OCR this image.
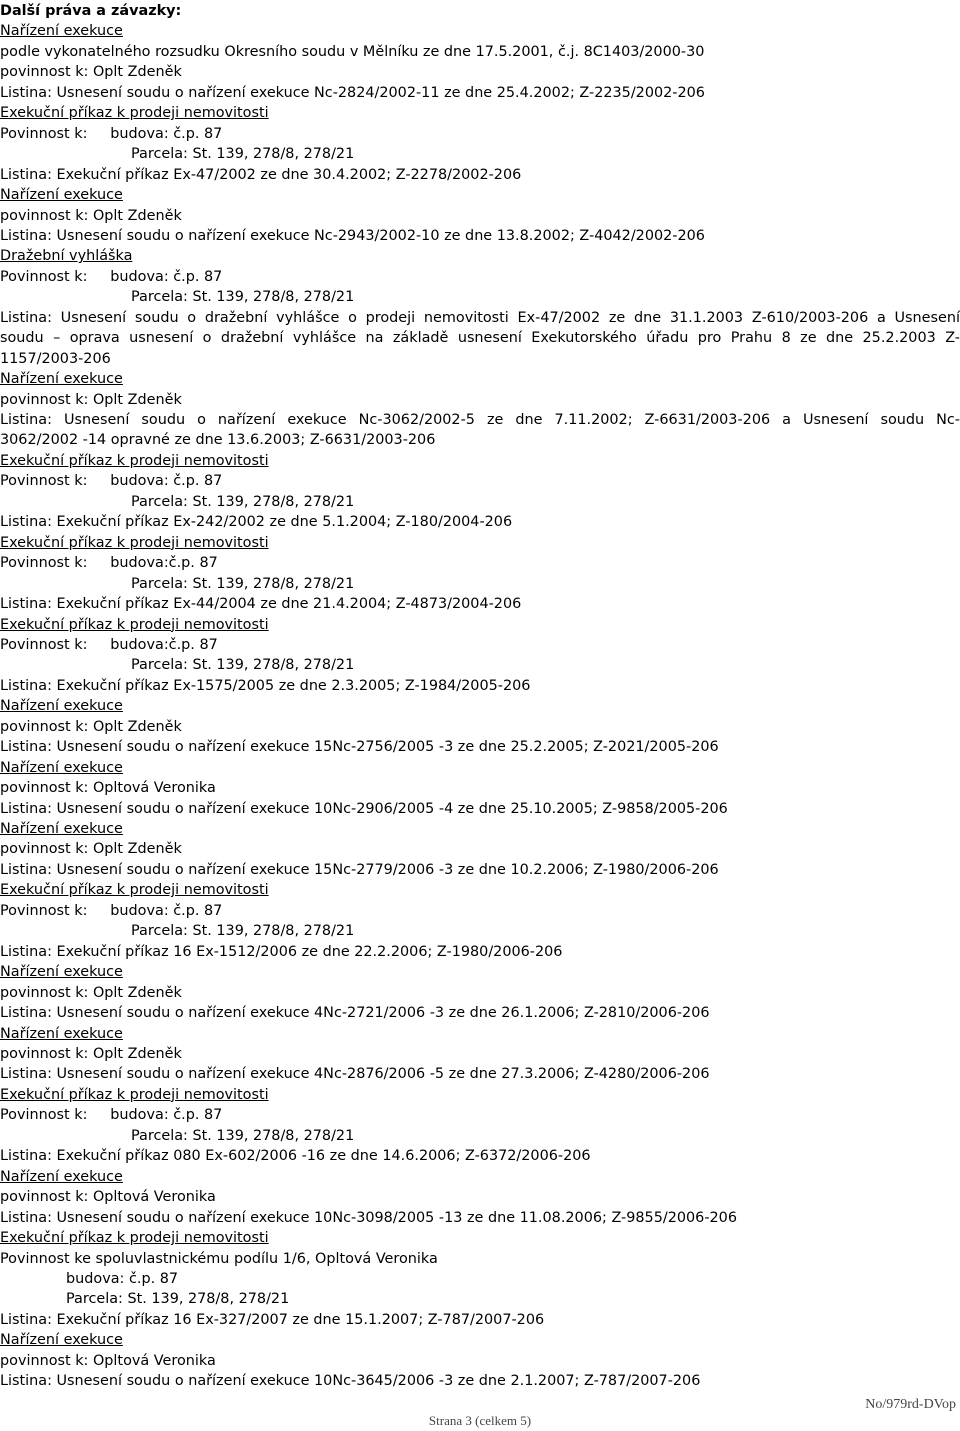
Další práva a závazky:
Nařízení exekuce
podle vykonatelného rozsudku Okresního soudu v Mělníku ze dne 17.5.2001, č.j. 8C1403/2000-30
povinnost k: Oplt Zdeněk
Listina: Usnesení soudu o nařízení exekuce Nc-2824/2002-11 ze dne 25.4.2002; Z-2235/2002-206
Exekuční příkaz k prodeji nemovitosti
Povinnost k:     budova: č.p. 87
Parcela: St. 139, 278/8, 278/21
Listina: Exekuční příkaz Ex-47/2002 ze dne 30.4.2002; Z-2278/2002-206
Nařízení exekuce
povinnost k: Oplt Zdeněk
Listina: Usnesení soudu o nařízení exekuce Nc-2943/2002-10 ze dne 13.8.2002; Z-4042/2002-206
Dražební vyhláška
Povinnost k:     budova: č.p. 87
Parcela: St. 139, 278/8, 278/21
Listina: Usnesení soudu o dražební vyhlášce o prodeji nemovitosti Ex-47/2002 ze dne 31.1.2003 Z-610/2003-206 a Usnesení
soudu – oprava usnesení o dražební vyhlášce na základě usnesení Exekutorského úřadu pro Prahu 8 ze dne 25.2.2003 Z-
1157/2003-206
Nařízení exekuce
povinnost k: Oplt Zdeněk
Listina: Usnesení soudu o nařízení exekuce Nc-3062/2002-5 ze dne 7.11.2002; Z-6631/2003-206 a Usnesení soudu Nc-
3062/2002 -14 opravné ze dne 13.6.2003; Z-6631/2003-206
Exekuční příkaz k prodeji nemovitosti
Povinnost k:     budova: č.p. 87
Parcela: St. 139, 278/8, 278/21
Listina: Exekuční příkaz Ex-242/2002 ze dne 5.1.2004; Z-180/2004-206
Exekuční příkaz k prodeji nemovitosti
Povinnost k:     budova:č.p. 87
Parcela: St. 139, 278/8, 278/21
Listina: Exekuční příkaz Ex-44/2004 ze dne 21.4.2004; Z-4873/2004-206
Exekuční příkaz k prodeji nemovitosti
Povinnost k:     budova:č.p. 87
Parcela: St. 139, 278/8, 278/21
Listina: Exekuční příkaz Ex-1575/2005 ze dne 2.3.2005; Z-1984/2005-206
Nařízení exekuce
povinnost k: Oplt Zdeněk
Listina: Usnesení soudu o nařízení exekuce 15Nc-2756/2005 -3 ze dne 25.2.2005; Z-2021/2005-206
Nařízení exekuce
povinnost k: Opltová Veronika
Listina: Usnesení soudu o nařízení exekuce 10Nc-2906/2005 -4 ze dne 25.10.2005; Z-9858/2005-206
Nařízení exekuce
povinnost k: Oplt Zdeněk
Listina: Usnesení soudu o nařízení exekuce 15Nc-2779/2006 -3 ze dne 10.2.2006; Z-1980/2006-206
Exekuční příkaz k prodeji nemovitosti
Povinnost k:     budova: č.p. 87
Parcela: St. 139, 278/8, 278/21
Listina: Exekuční příkaz 16 Ex-1512/2006 ze dne 22.2.2006; Z-1980/2006-206
Nařízení exekuce
povinnost k: Oplt Zdeněk
Listina: Usnesení soudu o nařízení exekuce 4Nc-2721/2006 -3 ze dne 26.1.2006; Z-2810/2006-206
Nařízení exekuce
povinnost k: Oplt Zdeněk
Listina: Usnesení soudu o nařízení exekuce 4Nc-2876/2006 -5 ze dne 27.3.2006; Z-4280/2006-206
Exekuční příkaz k prodeji nemovitosti
Povinnost k:     budova: č.p. 87
Parcela: St. 139, 278/8, 278/21
Listina: Exekuční příkaz 080 Ex-602/2006 -16 ze dne 14.6.2006; Z-6372/2006-206
Nařízení exekuce
povinnost k: Opltová Veronika
Listina: Usnesení soudu o nařízení exekuce 10Nc-3098/2005 -13 ze dne 11.08.2006; Z-9855/2006-206
Exekuční příkaz k prodeji nemovitosti
Povinnost ke spoluvlastnickému podílu 1/6, Opltová Veronika
budova: č.p. 87
Parcela: St. 139, 278/8, 278/21
Listina: Exekuční příkaz 16 Ex-327/2007 ze dne 15.1.2007; Z-787/2007-206
Nařízení exekuce
povinnost k: Opltová Veronika
Listina: Usnesení soudu o nařízení exekuce 10Nc-3645/2006 -3 ze dne 2.1.2007; Z-787/2007-206
Strana 3 (celkem 5)
No/979rd-DVop
